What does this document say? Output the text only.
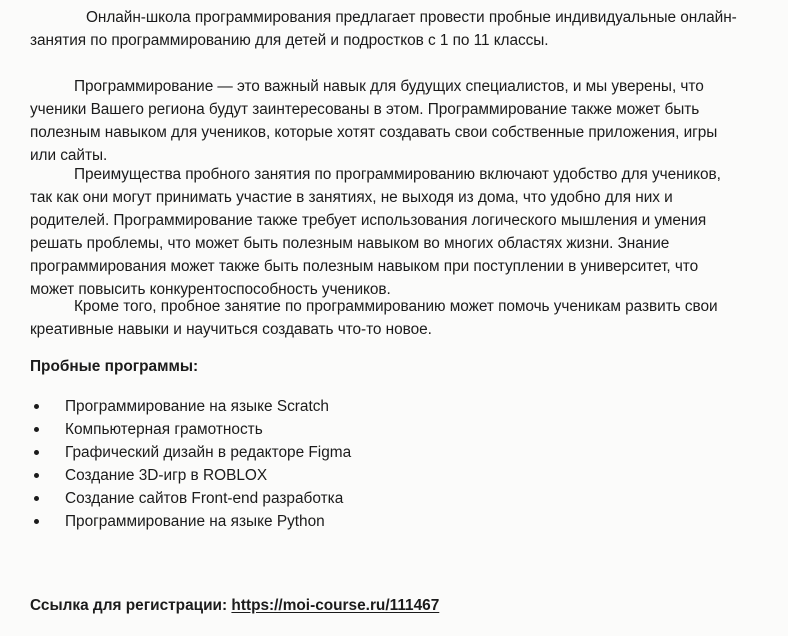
Онлайн-школа программирования предлагает провести пробные индивидуальные онлайн-
занятия по программированию для детей и подростков с 1 по 11 классы.

Программирование — это важный навык для будущих специалистов, и мы уверены, что
ученики Вашего региона будут заинтересованы в этом. Программирование также может быть
полезным навыком для учеников, которые хотят создавать свои собственные приложения, игры
или сайты.

Преимущества пробного занятия по программированию включают удобство для учеников,
так как они могут принимать участие в занятиях, не выходя из дома, что удобно для них и
родителей. Программирование также требует использования логического мышления и умения
решать проблемы, что может быть полезным навыком во многих областях жизни. Знание
программирования может также быть полезным навыком при поступлении в университет, что
может повысить конкурентоспособность учеников.

Кроме того, пробное занятие по программированию может помочь ученикам развить свои
креативные навыки и научиться создавать что-то новое.

Пробные программы:

Программирование на языке Scratch
Компьютерная грамотность
Графический дизайн в редакторе Figma
Создание 3D-игр в ROBLOX
Создание сайтов Front-end разработка
Программирование на языке Python

Ссылка для регистрации: https://moi-course.ru/111467
